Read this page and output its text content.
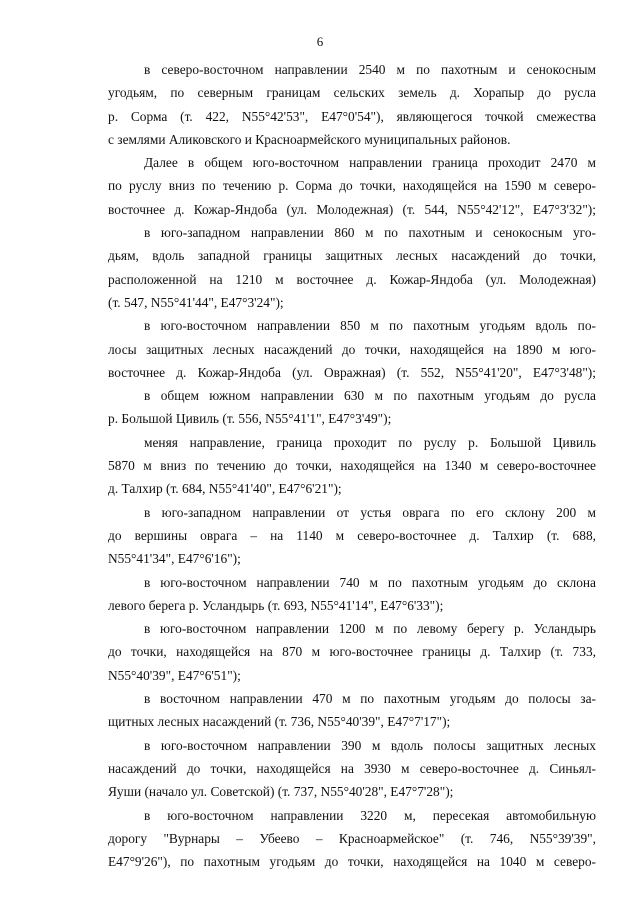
6
в северо-восточном направлении 2540 м по пахотным и сенокосным
угодьям, по северным границам сельских земель д. Хорапыр до русла
р. Сорма (т. 422, N55°42'53", E47°0'54"), являющегося точкой смежества
с землями Аликовского и Красноармейского муниципальных районов.
Далее в общем юго-восточном направлении граница проходит 2470 м
по руслу вниз по течению р. Сорма до точки, находящейся на 1590 м северо-
восточнее д. Кожар-Яндоба (ул. Молодежная) (т. 544, N55°42'12", E47°3'32");
в юго-западном направлении 860 м по пахотным и сенокосным уго-
дьям, вдоль западной границы защитных лесных насаждений до точки,
расположенной на 1210 м восточнее д. Кожар-Яндоба (ул. Молодежная)
(т. 547, N55°41'44", E47°3'24");
в юго-восточном направлении 850 м по пахотным угодьям вдоль по-
лосы защитных лесных насаждений до точки, находящейся на 1890 м юго-
восточнее д. Кожар-Яндоба (ул. Овражная) (т. 552, N55°41'20", E47°3'48");
в общем южном направлении 630 м по пахотным угодьям до русла
р. Большой Цивиль (т. 556, N55°41'1", E47°3'49");
меняя направление, граница проходит по руслу р. Большой Цивиль
5870 м вниз по течению до точки, находящейся на 1340 м северо-восточнее
д. Талхир (т. 684, N55°41'40", E47°6'21");
в юго-западном направлении от устья оврага по его склону 200 м
до вершины оврага – на 1140 м северо-восточнее д. Талхир (т. 688,
N55°41'34", E47°6'16");
в юго-восточном направлении 740 м по пахотным угодьям до склона
левого берега р. Усландырь (т. 693, N55°41'14", E47°6'33");
в юго-восточном направлении 1200 м по левому берегу р. Усландырь
до точки, находящейся на 870 м юго-восточнее границы д. Талхир (т. 733,
N55°40'39", E47°6'51");
в восточном направлении 470 м по пахотным угодьям до полосы за-
щитных лесных насаждений (т. 736, N55°40'39", E47°7'17");
в юго-восточном направлении 390 м вдоль полосы защитных лесных
насаждений до точки, находящейся на 3930 м северо-восточнее д. Синьял-
Яуши (начало ул. Советской) (т. 737, N55°40'28", E47°7'28");
в юго-восточном направлении 3220 м, пересекая автомобильную
дорогу "Вурнары – Убеево – Красноармейское" (т. 746, N55°39'39",
E47°9'26"), по пахотным угодьям до точки, находящейся на 1040 м северо-
